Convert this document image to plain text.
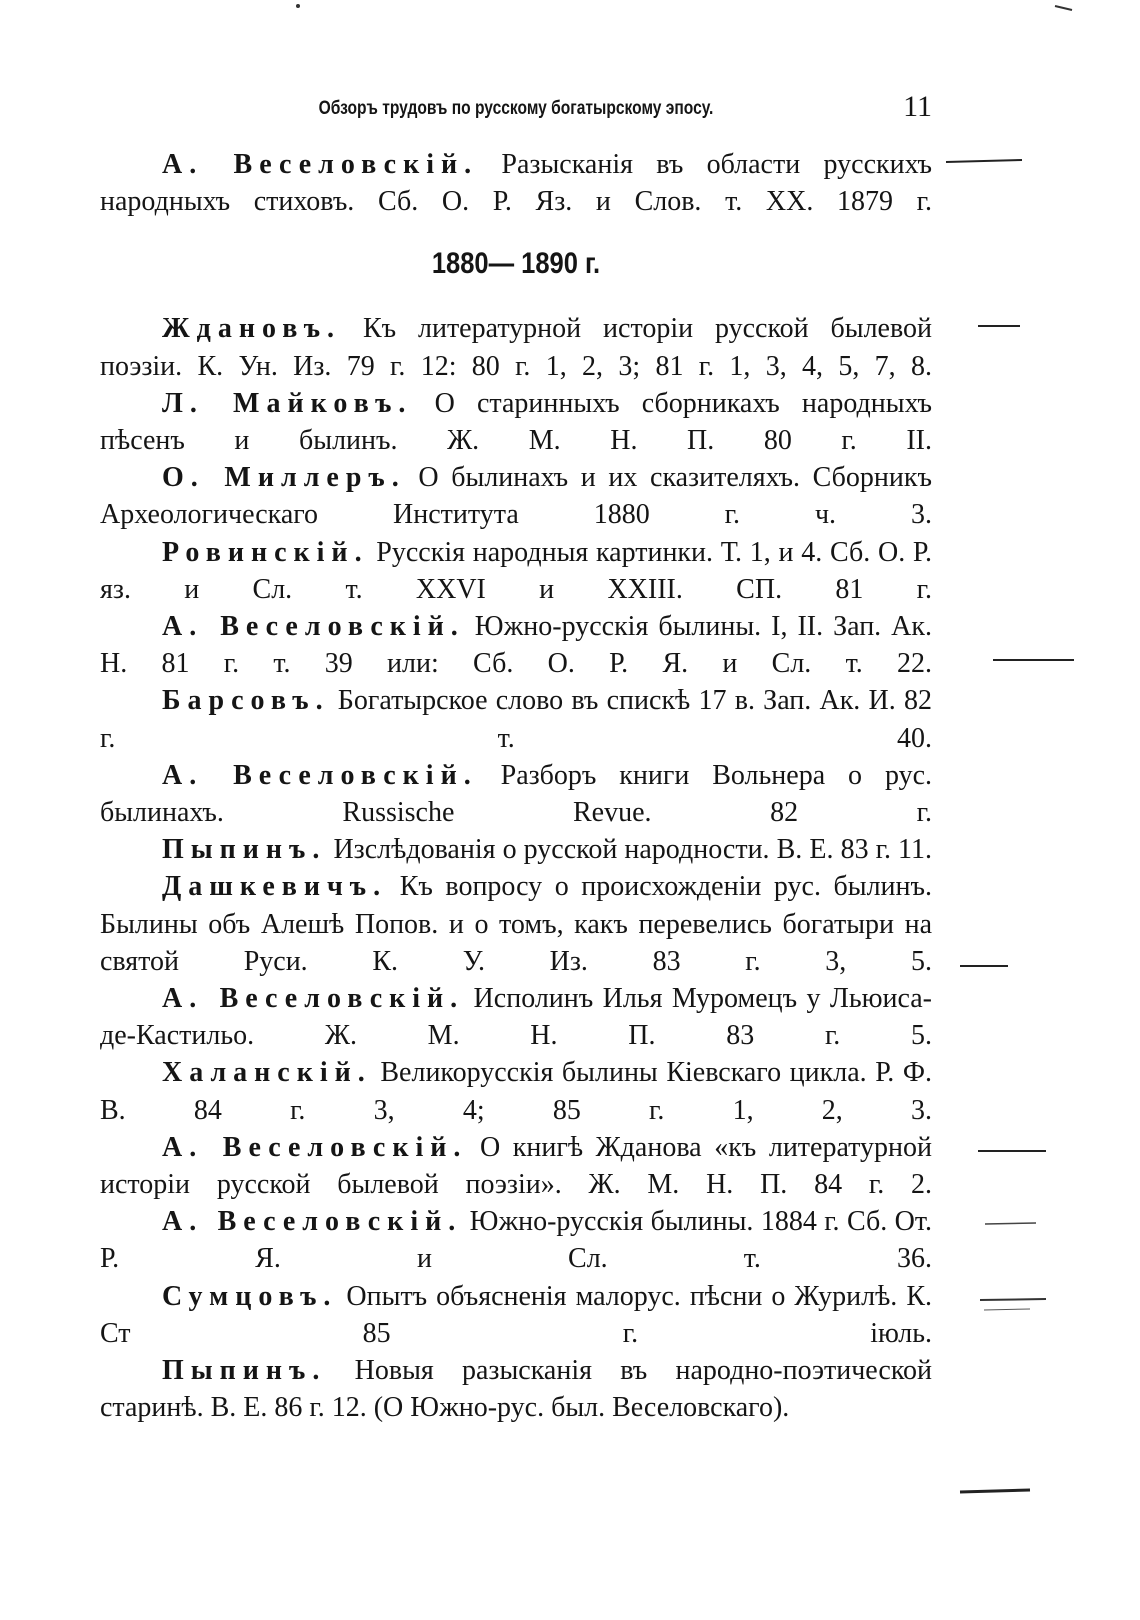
Обзоръ трудовъ по русскому богатырскому эпосу.	11

А. Веселовскій. Разысканія въ области русскихъ народныхъ стиховъ. Сб. О. Р. Яз. и Слов. т. XX. 1879 г.

1880— 1890 г.

Ждановъ. Къ литературной исторіи русской былевой поэзіи. К. Ун. Из. 79 г. 12: 80 г. 1, 2, 3; 81 г. 1, 3, 4, 5, 7, 8.

Л. Майковъ. О старинныхъ сборникахъ народныхъ пѣсенъ и былинъ. Ж. М. Н. П. 80 г. II.

О. Миллеръ. О былинахъ и их сказителяхъ. Сборникъ Археологическаго Института 1880 г. ч. 3.

Ровинскій. Русскія народныя картинки. Т. 1, и 4. Сб. О. Р. яз. и Сл. т. XXVI и XXIII. СП. 81 г.

А. Веселовскій. Южно-русскія былины. I, II. Зап. Ак. Н. 81 г. т. 39 или: Сб. О. Р. Я. и Сл. т. 22.

Барсовъ. Богатырское слово въ спискѣ 17 в. Зап. Ак. И. 82 г. т. 40.

А. Веселовскій. Разборъ книги Вольнера о рус. былинахъ. Russische Revue. 82 г.

Пыпинъ. Изслѣдованія о русской народности. В. Е. 83 г. 11.

Дашкевичъ. Къ вопросу о происхожденіи рус. былинъ. Былины объ Алешѣ Попов. и о томъ, какъ перевелись богатыри на святой Руси. К. У. Из. 83 г. 3, 5.

А. Веселовскій. Исполинъ Илья Муромецъ у Льюиса-де-Кастильо. Ж. М. Н. П. 83 г. 5.

Халанскій. Великорусскія былины Кіевскаго цикла. Р. Ф. В. 84 г. 3, 4; 85 г. 1, 2, 3.

А. Веселовскій. О книгѣ Жданова «къ литературной исторіи русской былевой поэзіи». Ж. М. Н. П. 84 г. 2.

А. Веселовскій. Южно-русскія былины. 1884 г. Сб. От. Р. Я. и Сл. т. 36.

Сумцовъ. Опытъ объясненія малорус. пѣсни о Журилѣ. К. Ст 85 г. іюль.

Пыпинъ. Новыя разысканія въ народно-поэтической старинѣ. В. Е. 86 г. 12. (О Южно-рус. был. Веселовскаго).
